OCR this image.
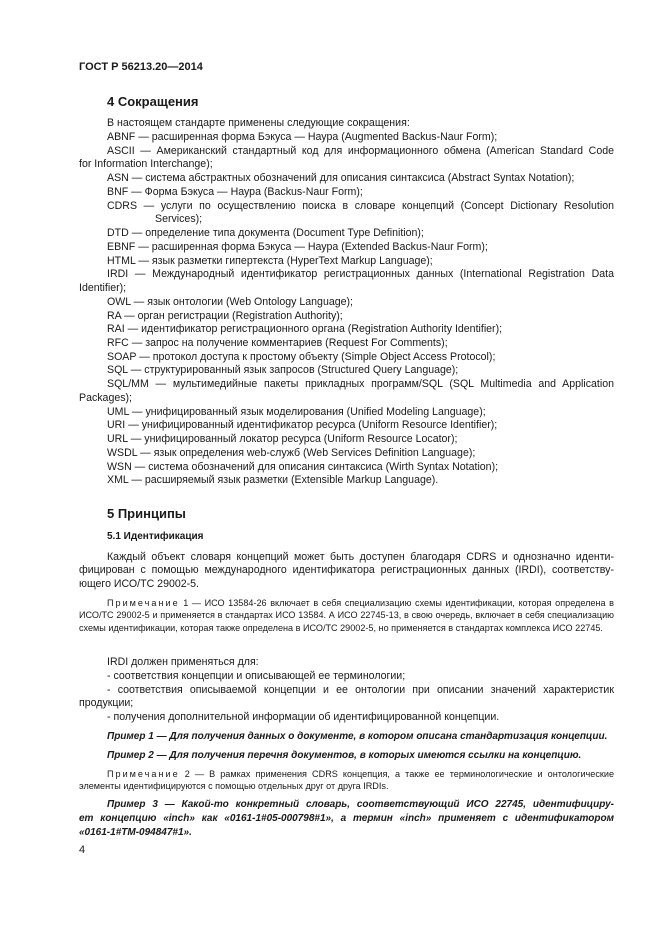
ГОСТ Р 56213.20—2014
4 Сокращения
В настоящем стандарте применены следующие сокращения:
ABNF — расширенная форма Бэкуса — Наура (Augmented Backus-Naur Form);
ASCII — Американский стандартный код для информационного обмена (American Standard Code
for Information Interchange);
ASN — система абстрактных обозначений для описания синтаксиса (Abstract Syntax Notation);
BNF — Форма Бэкуса — Наура (Backus-Naur Form);
CDRS — услуги по осуществлению поиска в словаре концепций (Concept Dictionary Resolution
Services);
DTD — определение типа документа (Document Type Definition);
EBNF — расширенная форма Бэкуса — Наура (Extended Backus-Naur Form);
HTML — язык разметки гипертекста (HyperText Markup Language);
IRDI — Международный идентификатор регистрационных данных (International Registration Data
Identifier);
OWL — язык онтологии (Web Ontology Language);
RA — орган регистрации (Registration Authority);
RAI — идентификатор регистрационного органа (Registration Authority Identifier);
RFC — запрос на получение комментариев (Request For Comments);
SOAP — протокол доступа к простому объекту (Simple Object Access Protocol);
SQL — структурированный язык запросов (Structured Query Language);
SQL/MM — мультимедийные пакеты прикладных программ/SQL (SQL Multimedia and Application
Packages);
UML — унифицированный язык моделирования (Unified Modeling Language);
URI — унифицированный идентификатор ресурса (Uniform Resource Identifier);
URL — унифицированный локатор ресурса (Uniform Resource Locator);
WSDL — язык определения web-служб (Web Services Definition Language);
WSN — система обозначений для описания синтаксиса (Wirth Syntax Notation);
XML — расширяемый язык разметки (Extensible Markup Language).
5 Принципы
5.1 Идентификация
Каждый объект словаря концепций может быть доступен благодаря CDRS и однозначно иденти-
фицирован с помощью международного идентификатора регистрационных данных (IRDI), соответству-
ющего ИСО/ТС 29002-5.
Примечание 1 — ИСО 13584-26 включает в себя специализацию схемы идентификации, которая определена в ИСО/ТС 29002-5 и применяется в стандартах ИСО 13584. А ИСО 22745-13, в свою очередь, включает в себя специализацию схемы идентификации, которая также определена в ИСО/ТС 29002-5, но применяется в стандартах комплекса ИСО 22745.
IRDI должен применяться для:
- соответствия концепции и описывающей ее терминологии;
- соответствия описываемой концепции и ее онтологии при описании значений характеристик
продукции;
- получения дополнительной информации об идентифицированной концепции.
Пример 1 — Для получения данных о документе, в котором описана стандартизация концепции.
Пример 2 — Для получения перечня документов, в которых имеются ссылки на концепцию.
Примечание 2 — В рамках применения CDRS концепция, а также ее терминологические и онтологические элементы идентифицируются с помощью отдельных друг от друга IRDIs.
Пример 3 — Какой-то конкретный словарь, соответствующий ИСО 22745, идентифициру-
ет концепцию «inch» как «0161-1#05-000798#1», а термин «inch» применяет с идентификатором
«0161-1#TM-094847#1».
4
